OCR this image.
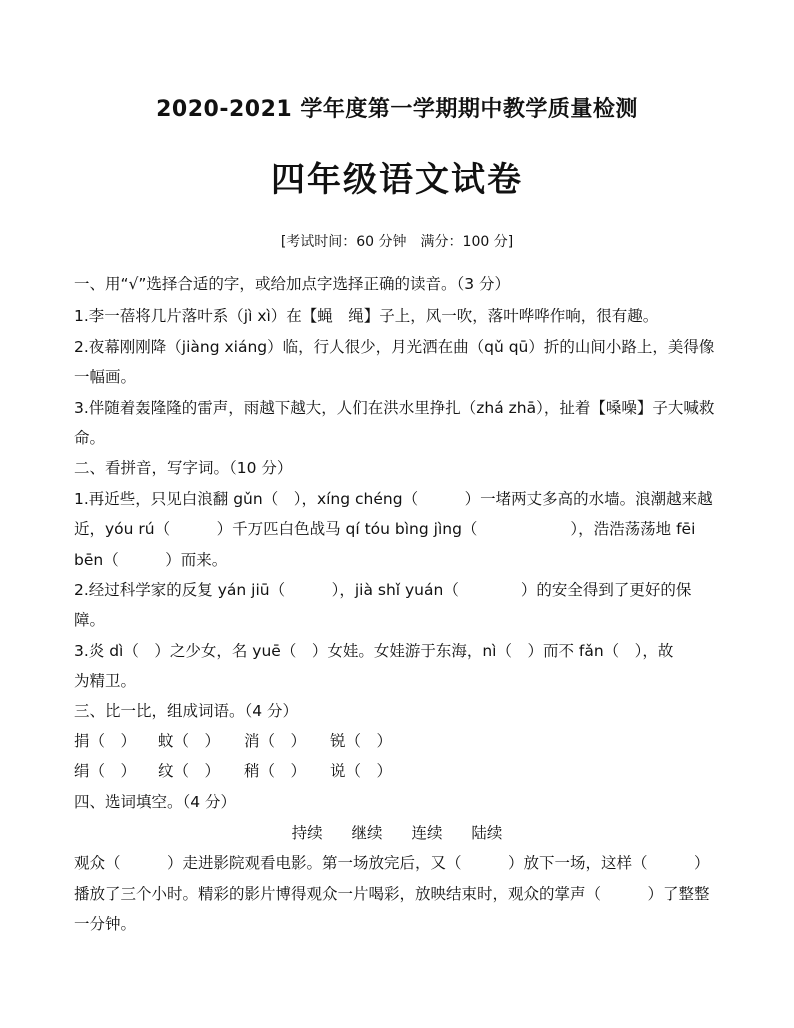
2020-2021 学年度第一学期期中教学质量检测
四年级语文试卷
[考试时间：60 分钟　满分：100 分]
一、用“√”选择合适的字，或给加点字选择正确的读音。（3 分）
1.李一蓓将几片落叶系（jì xì）在【蝇　绳】子上，风一吹，落叶哗哗作响，很有趣。
2.夜幕刚刚降（jiàng xiáng）临，行人很少，月光洒在曲（qǔ qū）折的山间小路上，美得像
一幅画。
3.伴随着轰隆隆的雷声，雨越下越大，人们在洪水里挣扎（zhá zhā），扯着【嗓噪】子大喊救
命。
二、看拼音，写字词。（10 分）
1.再近些，只见白浪翻 gǔn（　），xíng chéng（　　　）一堵两丈多高的水墙。浪潮越来越
近，yóu rú（　　　）千万匹白色战马 qí tóu bìng jìng（　　　　　　），浩浩荡荡地 fēi
bēn（　　　）而来。
2.经过科学家的反复 yán jiū（　　　），jià shǐ yuán（　　　　）的安全得到了更好的保
障。
3.炎 dì（　）之少女，名 yuē（　）女娃。女娃游于东海，nì（　）而不 fǎn（　），故
为精卫。
三、比一比，组成词语。（4 分）
捐（　） 蚊（　） 消（　） 锐（　）
绢（　） 纹（　） 稍（　） 说（　）
四、选词填空。（4 分）
持续 继续 连续 陆续
观众（　　　）走进影院观看电影。第一场放完后，又（　　　）放下一场，这样（　　　）
播放了三个小时。精彩的影片博得观众一片喝彩，放映结束时，观众的掌声（　　　）了整整
一分钟。
